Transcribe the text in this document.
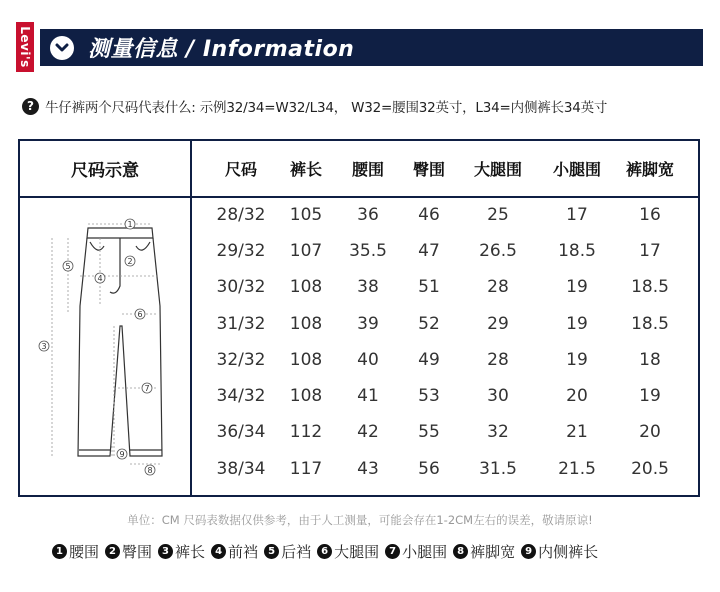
Levi's	测量信息 / Information
? 牛仔裤两个尺码代表什么: 示例32/34=W32/L34， W32=腰围32英寸，L34=内侧裤长34英寸
尺码示意
1
2
3
4
5
6
7
8
9
尺码 裤长 腰围 臀围 大腿围 小腿围 裤脚宽
28/32 105 36 46	25	17	16
29/32 107 35.5 47 26.5 18.5	17
30/32 108 38 51	28	19	18.5
31/32 108 39 52	29	19	18.5
32/32 108 40 49	28	19	18
34/32 108 41 53	30	20	19
36/34 112 42 55	32	21	20
38/34 117 43 56 31.5 21.5 20.5
单位：CM 尺码表数据仅供参考，由于人工测量，可能会存在1-2CM左右的误差，敬请原谅!
1 腰围	2 臀围	3 裤长	4 前裆	5 后裆	6 大腿围	7 小腿围	8 裤脚宽	9 内侧裤长
